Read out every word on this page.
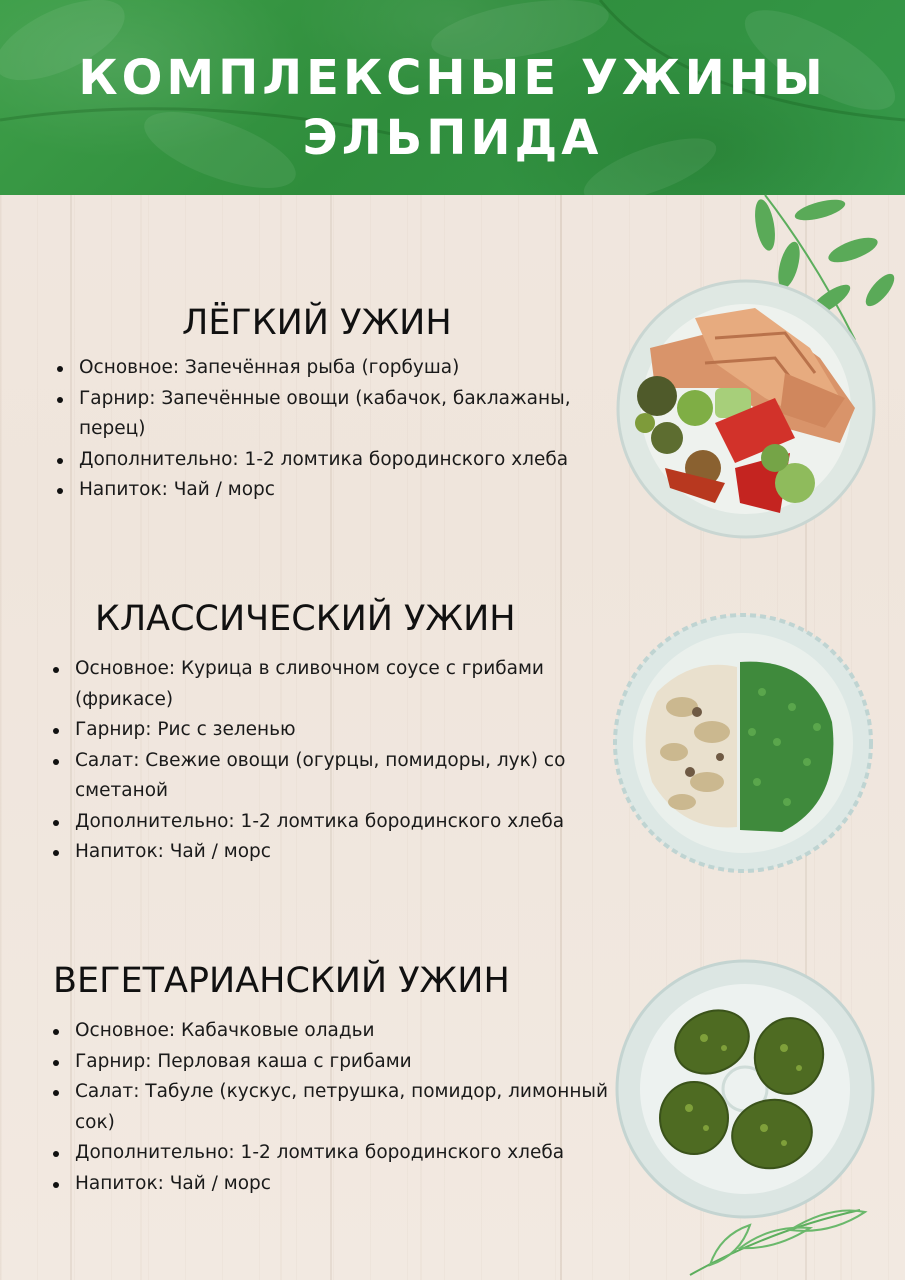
КОМПЛЕКСНЫЕ УЖИНЫ
ЭЛЬПИДА
ЛЁГКИЙ УЖИН
Основное: Запечённая рыба (горбуша)
Гарнир: Запечённые овощи (кабачок, баклажаны, перец)
Дополнительно: 1-2 ломтика бородинского хлеба
Напиток: Чай / морс
КЛАССИЧЕСКИЙ УЖИН
Основное: Курица в сливочном соусе с грибами (фрикасе)
Гарнир: Рис с зеленью
Салат: Свежие овощи (огурцы, помидоры, лук) со сметаной
Дополнительно: 1-2 ломтика бородинского хлеба
Напиток: Чай / морс
ВЕГЕТАРИАНСКИЙ УЖИН
Основное: Кабачковые оладьи
Гарнир: Перловая каша с грибами
Салат: Табуле (кускус, петрушка, помидор, лимонный сок)
Дополнительно: 1-2 ломтика бородинского хлеба
Напиток: Чай / морс
